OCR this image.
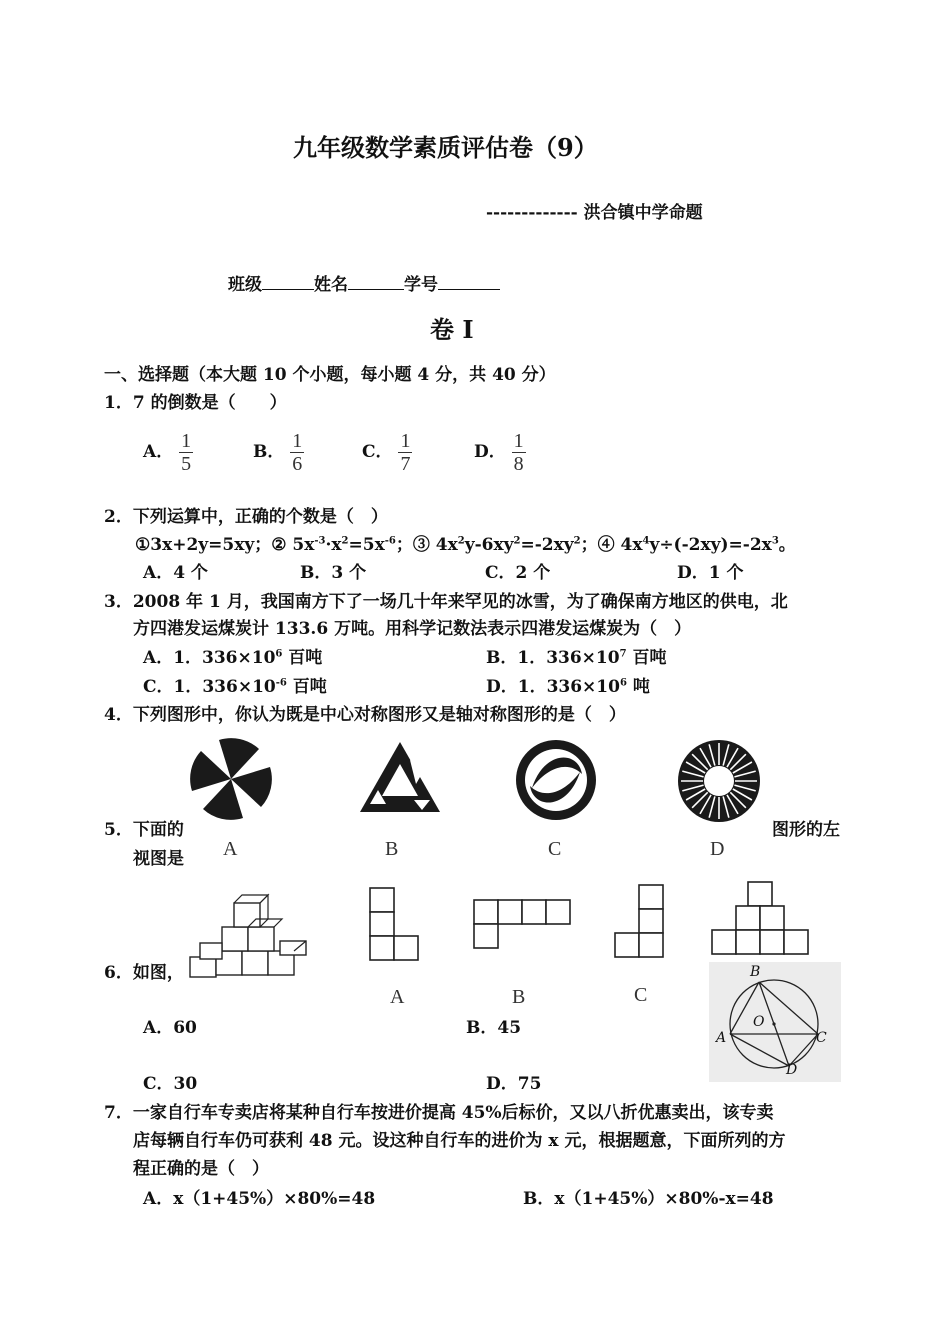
九年级数学素质评估卷（9）
------------- 洪合镇中学命题
班级	姓名	学号
卷 Ⅰ
一、选择题（本大题 10 个小题，每小题 4 分，共 40 分）
1．7 的倒数是（　　）
A． $\frac{1}{5}$	B． $\frac{1}{6}$	C． $\frac{1}{7}$	D． $\frac{1}{8}$
2．下列运算中，正确的个数是（　）
①3x+2y=5xy；② $5x^{-3}\cdot x^2=5x^{-6}$；③ $4x^2y-6xy^2=-2xy^2$；④ $4x^4y\div(-2xy)=-2x^3$。
A．4 个	B．3 个	C．2 个	D．1 个
3．2008 年 1 月，我国南方下了一场几十年来罕见的冰雪，为了确保南方地区的供电，北
方四港发运煤炭计 133.6 万吨。用科学记数法表示四港发运煤炭为（　）
A．1．$336\times 10^6$ 百吨	B．1．$336\times 10^7$ 百吨
C．1．$336\times 10^{-6}$ 百吨	D．1．$336\times 10^6$ 吨
4．下列图形中，你认为既是中心对称图形又是轴对称图形的是（　）
A	B	C	D
5．下面的	图形的左
视图是
A	B	C
6．如图，
A．60	B．45
C．30	D．75
B
O
A	C
D
7．一家自行车专卖店将某种自行车按进价提高 45%后标价，又以八折优惠卖出，该专卖
店每辆自行车仍可获利 48 元。设这种自行车的进价为 x 元，根据题意，下面所列的方
程正确的是（　）
A．x（1+45%）×80%=48	B．x（1+45%）×80%-x=48
